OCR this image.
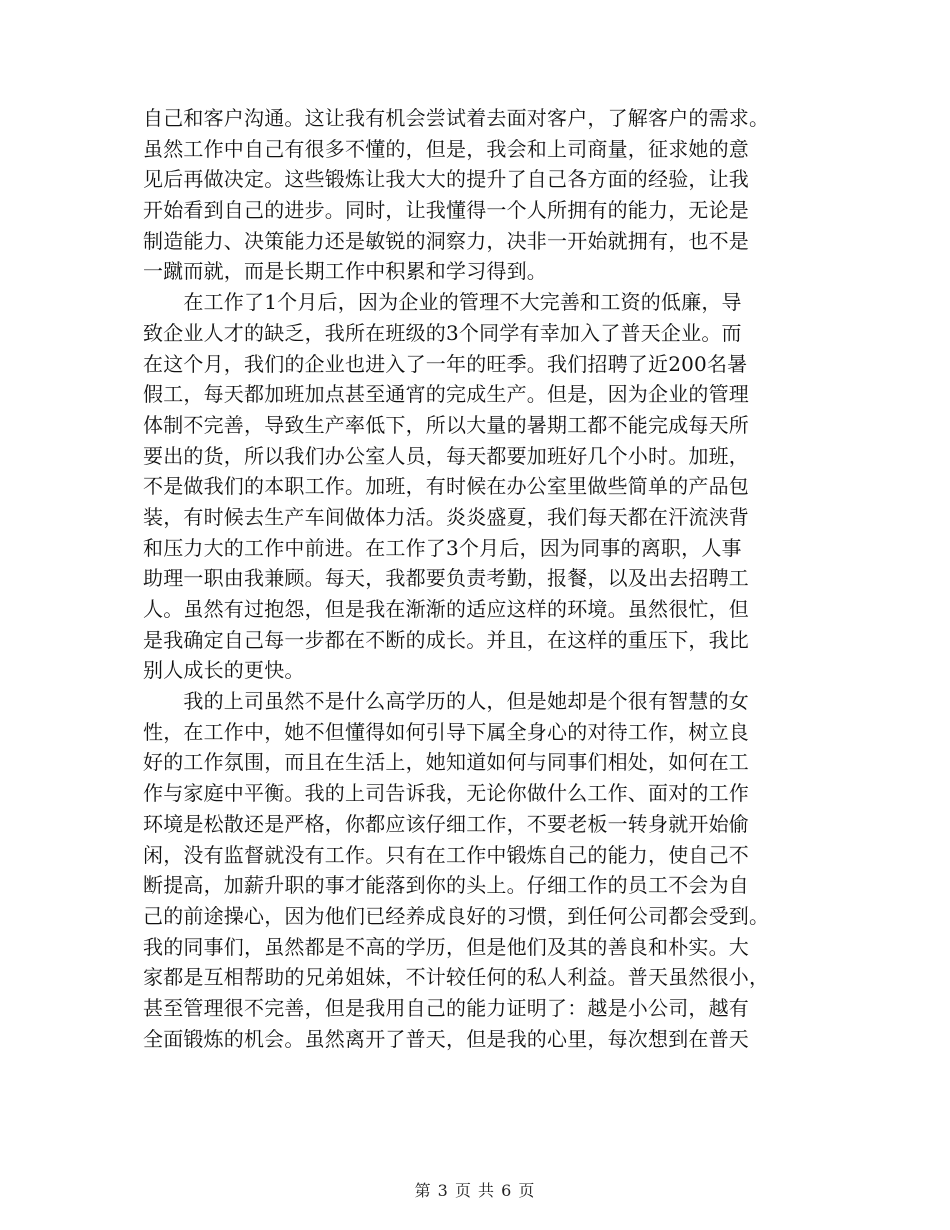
自己和客户沟通。这让我有机会尝试着去面对客户，了解客户的需求。
虽然工作中自己有很多不懂的，但是，我会和上司商量，征求她的意
见后再做决定。这些锻炼让我大大的提升了自己各方面的经验，让我
开始看到自己的进步。同时，让我懂得一个人所拥有的能力，无论是
制造能力、决策能力还是敏锐的洞察力，决非一开始就拥有，也不是
一蹴而就，而是长期工作中积累和学习得到。
　　在工作了1个月后，因为企业的管理不大完善和工资的低廉，导
致企业人才的缺乏，我所在班级的3个同学有幸加入了普天企业。而
在这个月，我们的企业也进入了一年的旺季。我们招聘了近200名暑
假工，每天都加班加点甚至通宵的完成生产。但是，因为企业的管理
体制不完善，导致生产率低下，所以大量的暑期工都不能完成每天所
要出的货，所以我们办公室人员，每天都要加班好几个小时。加班，
不是做我们的本职工作。加班，有时候在办公室里做些简单的产品包
装，有时候去生产车间做体力活。炎炎盛夏，我们每天都在汗流浃背
和压力大的工作中前进。在工作了3个月后，因为同事的离职，人事
助理一职由我兼顾。每天，我都要负责考勤，报餐，以及出去招聘工
人。虽然有过抱怨，但是我在渐渐的适应这样的环境。虽然很忙，但
是我确定自己每一步都在不断的成长。并且，在这样的重压下，我比
别人成长的更快。
　　我的上司虽然不是什么高学历的人，但是她却是个很有智慧的女
性，在工作中，她不但懂得如何引导下属全身心的对待工作，树立良
好的工作氛围，而且在生活上，她知道如何与同事们相处，如何在工
作与家庭中平衡。我的上司告诉我，无论你做什么工作、面对的工作
环境是松散还是严格，你都应该仔细工作，不要老板一转身就开始偷
闲，没有监督就没有工作。只有在工作中锻炼自己的能力，使自己不
断提高，加薪升职的事才能落到你的头上。仔细工作的员工不会为自
己的前途操心，因为他们已经养成良好的习惯，到任何公司都会受到。
我的同事们，虽然都是不高的学历，但是他们及其的善良和朴实。大
家都是互相帮助的兄弟姐妹，不计较任何的私人利益。普天虽然很小，
甚至管理很不完善，但是我用自己的能力证明了：越是小公司，越有
全面锻炼的机会。虽然离开了普天，但是我的心里，每次想到在普天
第 3 页 共 6 页
